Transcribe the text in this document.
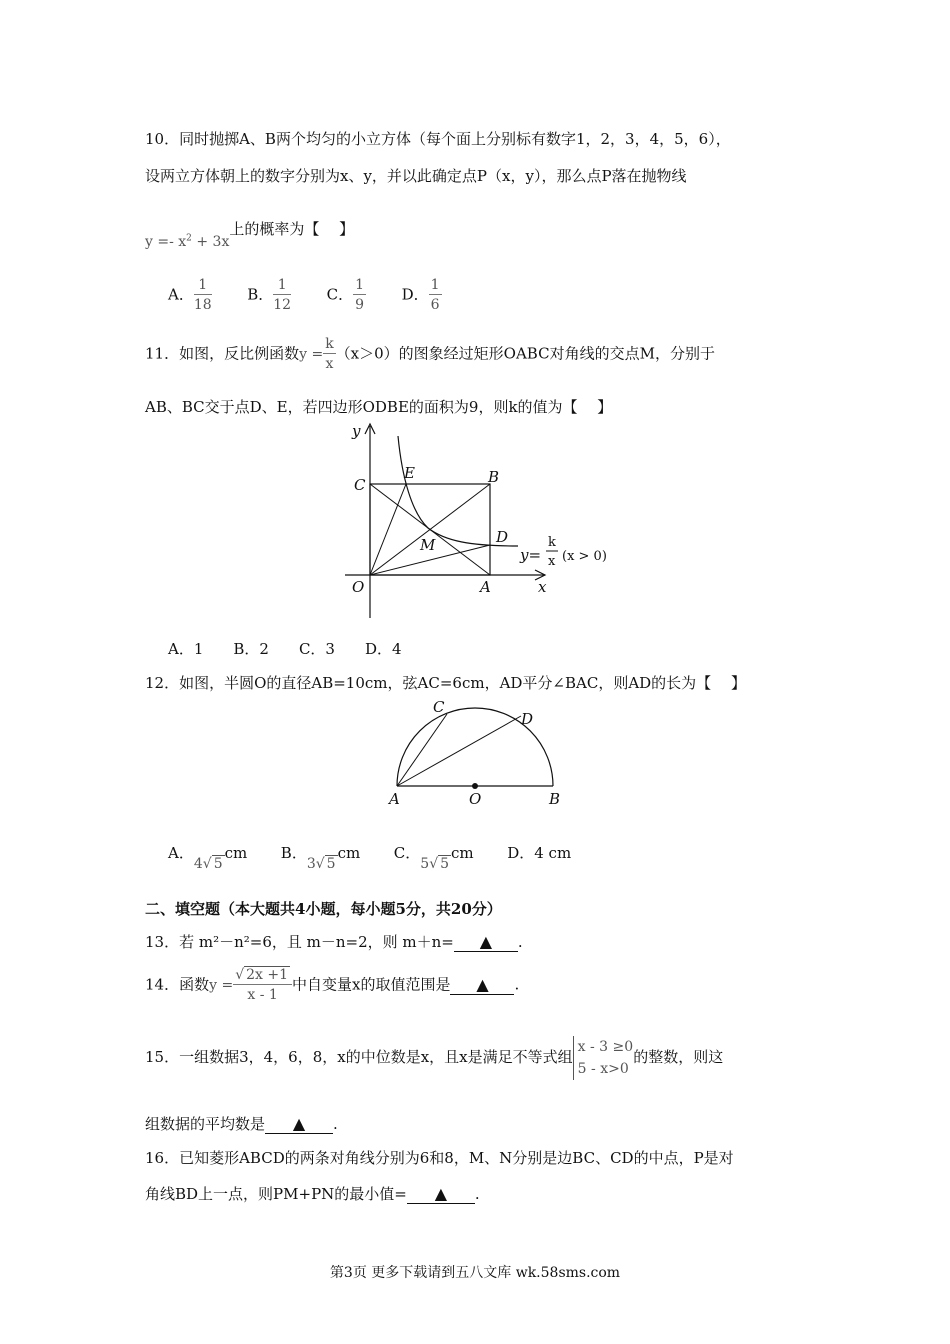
10．同时抛掷A、B两个均匀的小立方体（每个面上分别标有数字1，2，3，4，5，6），
设两立方体朝上的数字分别为x、y，并以此确定点P（x，y），那么点P落在抛物线
$y =- x^2 + 3x$上的概率为【　 】
A． $\frac{1}{18}$ B． $\frac{1}{12}$ C． $\frac{1}{9}$ D． $\frac{1}{6}$
11．如图，反比例函数$y = \frac{k}{x} (x>0)$的图象经过矩形OABC对角线的交点M，分别于
AB、BC交于点D、E，若四边形ODBE的面积为9，则k的值为【　 】
y
x
C
E	B
M	D
O	A
y=
k
x (x > 0)
A．1　　B．2　　C．3　　D．4
12．如图，半圆O的直径AB=10cm，弦AC=6cm，AD平分∠BAC，则AD的长为【　 】
C
D
A	O	B
A．4√ 5cm B．3√ 5cm C．5√ 5cm D．4 cm
二、填空题（本大题共4小题，每小题5分，共20分）
13．若 m²－n²=6，且 m－n=2，则 m＋n= ▲ .
14．函数$y = \frac{√ 2x +1}{x - 1}$ 中自变量x的取值范围是 ▲ .
15．一组数据3，4，6，8，x的中位数是x，且x是满足不等式组
x - 3 ≥0
5 - x>0
的整数，则这
组数据的平均数是 ▲ .
16．已知菱形ABCD的两条对角线分别为6和8，M、N分别是边BC、CD的中点，P是对
角线BD上一点，则PM+PN的最小值= ▲ .
第3页 更多下载请到五八文库 wk.58sms.com
